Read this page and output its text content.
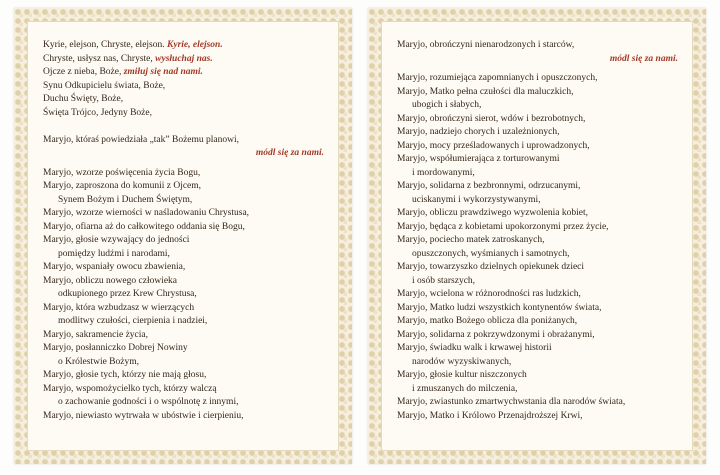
Kyrie, elejson, Chryste, elejson. Kyrie, elejson.
Chryste, usłysz nas, Chryste, wysłuchaj nas.
Ojcze z nieba, Boże, zmiłuj się nad nami.
Synu Odkupicielu świata, Boże,
Duchu Święty, Boże,
Święta Trójco, Jedyny Boże,
Maryjo, któraś powiedziała „tak” Bożemu planowi,
módl się za nami.
Maryjo, wzorze poświęcenia życia Bogu,
Maryjo, zaproszona do komunii z Ojcem,
Synem Bożym i Duchem Świętym,
Maryjo, wzorze wierności w naśladowaniu Chrystusa,
Maryjo, ofiarna aż do całkowitego oddania się Bogu,
Maryjo, głosie wzywający do jedności
pomiędzy ludźmi i narodami,
Maryjo, wspaniały owocu zbawienia,
Maryjo, obliczu nowego człowieka
odkupionego przez Krew Chrystusa,
Maryjo, która wzbudzasz w wierzących
modlitwy czułości, cierpienia i nadziei,
Maryjo, sakramencie życia,
Maryjo, posłanniczko Dobrej Nowiny
o Królestwie Bożym,
Maryjo, głosie tych, którzy nie mają głosu,
Maryjo, wspomożycielko tych, którzy walczą
o zachowanie godności i o wspólnotę z innymi,
Maryjo, niewiasto wytrwała w ubóstwie i cierpieniu,
Maryjo, obrończyni nienarodzonych i starców,
módl się za nami.
Maryjo, rozumiejąca zapomnianych i opuszczonych,
Maryjo, Matko pełna czułości dla maluczkich,
ubogich i słabych,
Maryjo, obrończyni sierot, wdów i bezrobotnych,
Maryjo, nadziejo chorych i uzależnionych,
Maryjo, mocy prześladowanych i uprowadzonych,
Maryjo, współumierająca z torturowanymi
i mordowanymi,
Maryjo, solidarna z bezbronnymi, odrzucanymi,
uciskanymi i wykorzystywanymi,
Maryjo, obliczu prawdziwego wyzwolenia kobiet,
Maryjo, będąca z kobietami upokorzonymi przez życie,
Maryjo, pociecho matek zatroskanych,
opuszczonych, wyśmianych i samotnych,
Maryjo, towarzyszko dzielnych opiekunek dzieci
i osób starszych,
Maryjo, wcielona w różnorodności ras ludzkich,
Maryjo, Matko ludzi wszystkich kontynentów świata,
Maryjo, matko Bożego oblicza dla poniżanych,
Maryjo, solidarna z pokrzywdzonymi i obrażanymi,
Maryjo, świadku walk i krwawej historii
narodów wyzyskiwanych,
Maryjo, głosie kultur niszczonych
i zmuszanych do milczenia,
Maryjo, zwiastunko zmartwychwstania dla narodów świata,
Maryjo, Matko i Królowo Przenajdroższej Krwi,
